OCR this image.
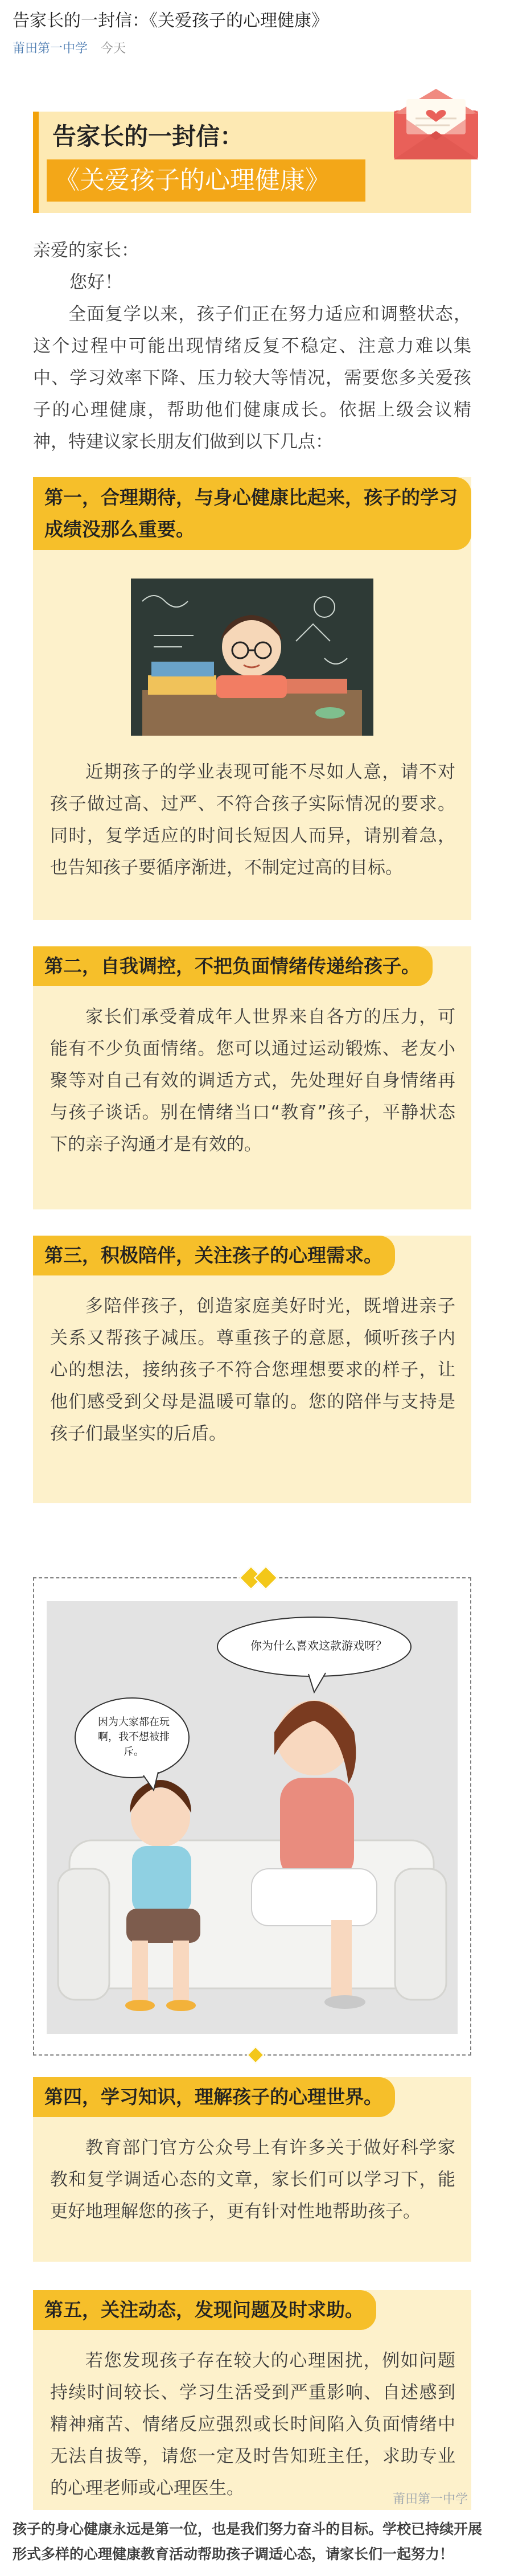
告家长的一封信：《关爱孩子的心理健康》
莆田第一中学 今天
告家长的一封信：
《关爱孩子的心理健康》
亲爱的家长：
您好！

全面复学以来，孩子们正在努力适应和调整状态，这个过程中可能出现情绪反复不稳定、注意力难以集中、学习效率下降、压力较大等情况，需要您多关爱孩子的心理健康，帮助他们健康成长。依据上级会议精神，特建议家长朋友们做到以下几点：

第一，合理期待，与身心健康比起来，孩子的学习成绩没那么重要。

近期孩子的学业表现可能不尽如人意，请不对孩子做过高、过严、不符合孩子实际情况的要求。同时，复学适应的时间长短因人而异，请别着急，也告知孩子要循序渐进，不制定过高的目标。

第二，自我调控，不把负面情绪传递给孩子。

家长们承受着成年人世界来自各方的压力，可能有不少负面情绪。您可以通过运动锻炼、老友小聚等对自己有效的调适方式，先处理好自身情绪再与孩子谈话。别在情绪当口“教育”孩子，平静状态下的亲子沟通才是有效的。

第三，积极陪伴，关注孩子的心理需求。

多陪伴孩子，创造家庭美好时光，既增进亲子关系又帮孩子减压。尊重孩子的意愿，倾听孩子内心的想法，接纳孩子不符合您理想要求的样子，让他们感受到父母是温暖可靠的。您的陪伴与支持是孩子们最坚实的后盾。

你为什么喜欢这款游戏呀？
因为大家都在玩啊，我不想被排斥。
第四，学习知识，理解孩子的心理世界。

教育部门官方公众号上有许多关于做好科学家教和复学调适心态的文章，家长们可以学习下，能更好地理解您的孩子，更有针对性地帮助孩子。

第五，关注动态，发现问题及时求助。

若您发现孩子存在较大的心理困扰，例如问题持续时间较长、学习生活受到严重影响、自述感到精神痛苦、情绪反应强烈或长时间陷入负面情绪中无法自拔等，请您一定及时告知班主任，求助专业的心理老师或心理医生。

莆田第一中学
孩子的身心健康永远是第一位，也是我们努力奋斗的目标。学校已持续开展形式多样的心理健康教育活动帮助孩子调适心态，请家长们一起努力！
